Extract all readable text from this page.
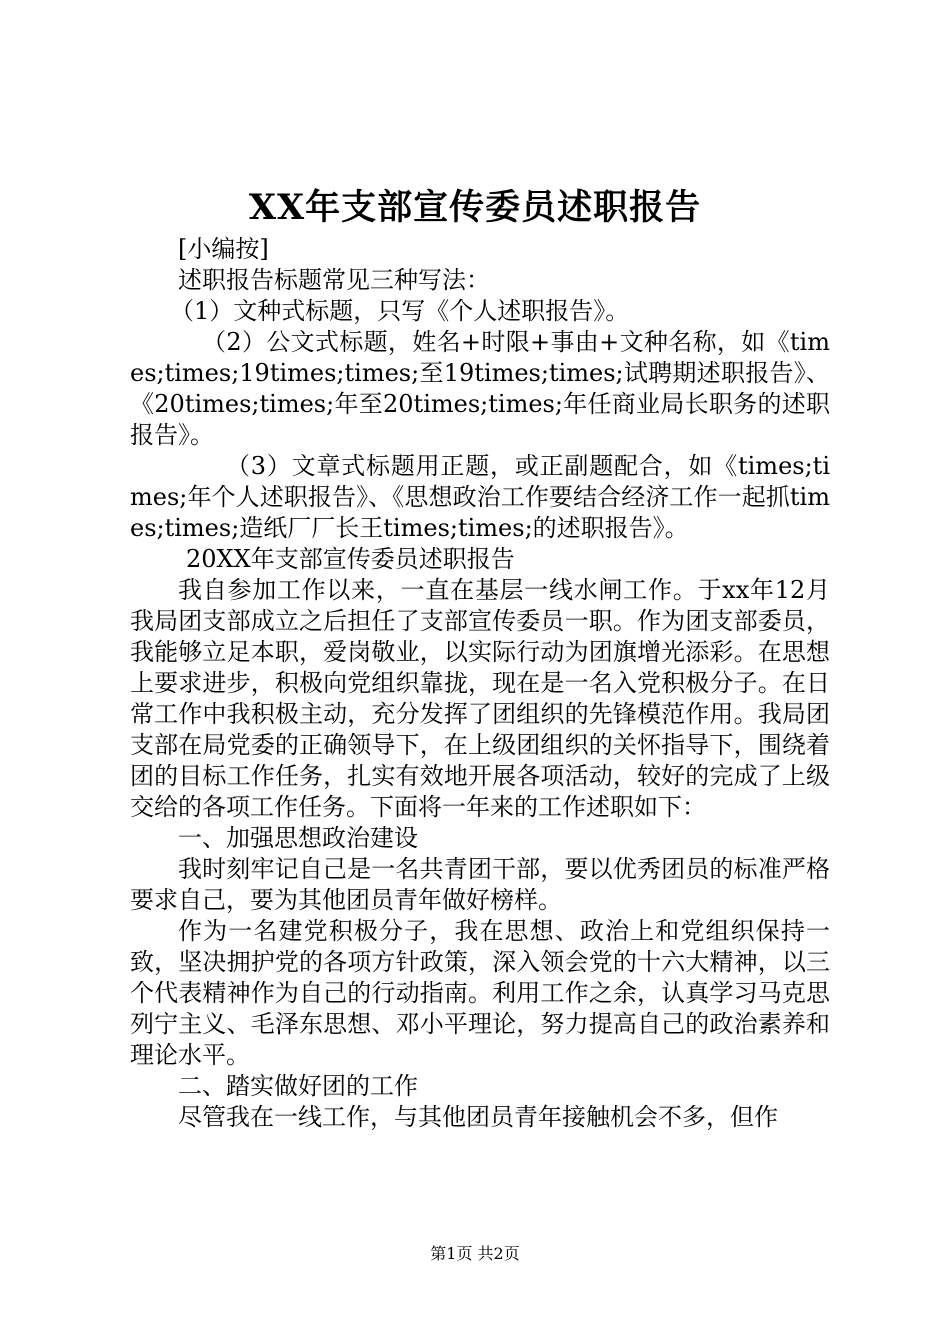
XX年支部宣传委员述职报告

[小编按]

述职报告标题常见三种写法：

（1）文种式标题，只写《个人述职报告》。

（2）公文式标题，姓名+时限+事由+文种名称，如《times;times;19times;times;至19times;times;试聘期述职报告》、《20times;times;年至20times;times;年任商业局长职务的述职报告》。

（3）文章式标题用正题，或正副题配合，如《times;times;年个人述职报告》、《思想政治工作要结合经济工作一起抓times;times;造纸厂厂长王times;times;的述职报告》。

20XX年支部宣传委员述职报告

我自参加工作以来，一直在基层一线水闸工作。于xx年12月我局团支部成立之后担任了支部宣传委员一职。作为团支部委员，我能够立足本职，爱岗敬业，以实际行动为团旗增光添彩。在思想上要求进步，积极向党组织靠拢，现在是一名入党积极分子。在日常工作中我积极主动，充分发挥了团组织的先锋模范作用。我局团支部在局党委的正确领导下，在上级团组织的关怀指导下，围绕着团的目标工作任务，扎实有效地开展各项活动，较好的完成了上级交给的各项工作任务。下面将一年来的工作述职如下：

一、加强思想政治建设

我时刻牢记自己是一名共青团干部，要以优秀团员的标准严格要求自己，要为其他团员青年做好榜样。

作为一名建党积极分子，我在思想、政治上和党组织保持一致，坚决拥护党的各项方针政策，深入领会党的十六大精神，以三个代表精神作为自己的行动指南。利用工作之余，认真学习马克思列宁主义、毛泽东思想、邓小平理论，努力提高自己的政治素养和理论水平。

二、踏实做好团的工作

尽管我在一线工作，与其他团员青年接触机会不多，但作

第1页 共2页
